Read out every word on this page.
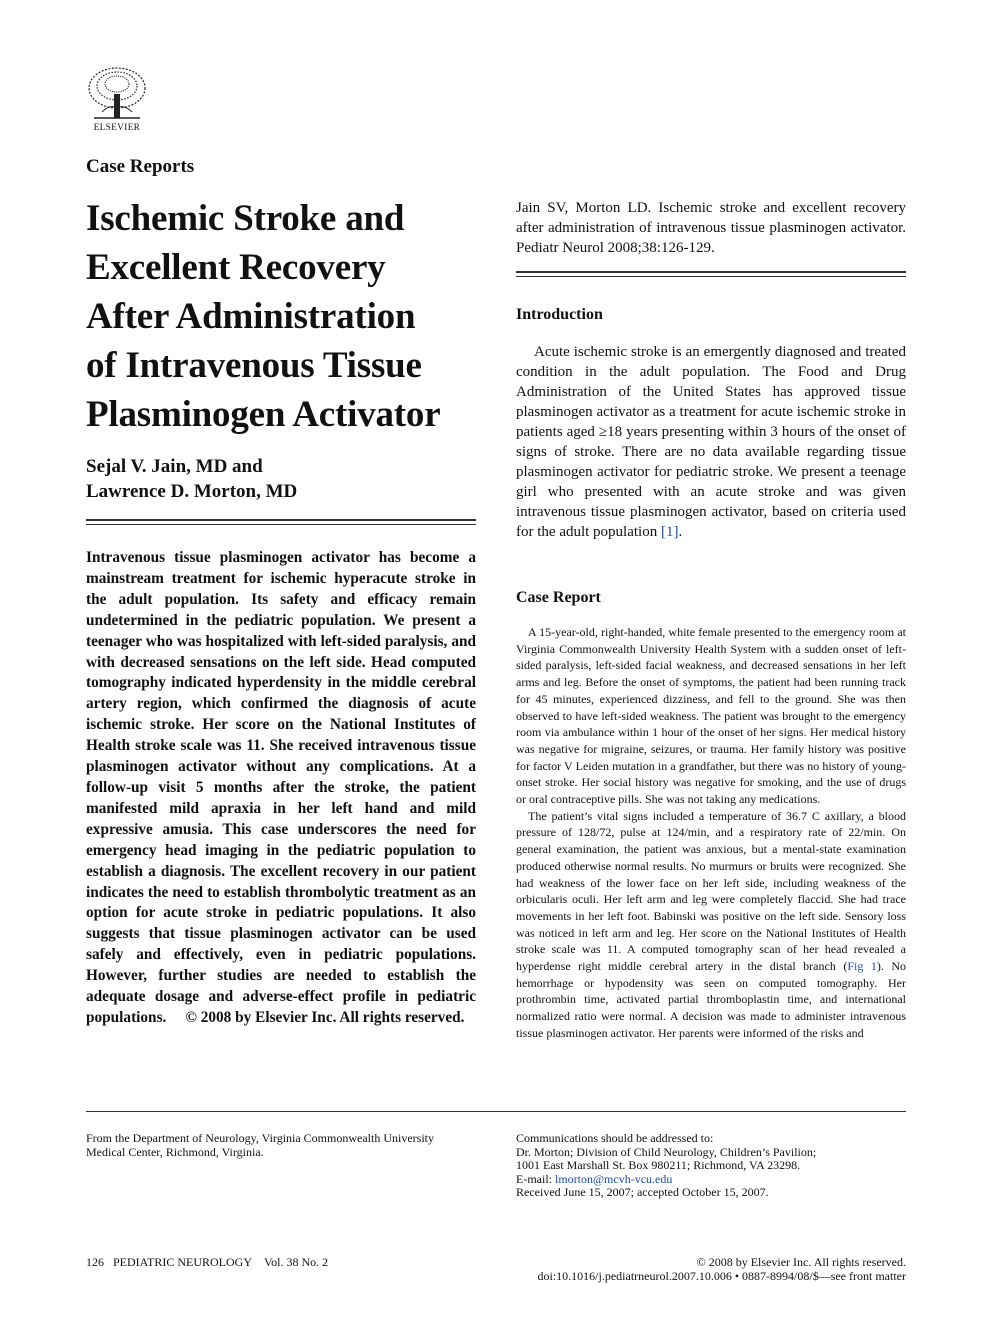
ELSEVIER
Case Reports
Ischemic Stroke and
Excellent Recovery
After Administration
of Intravenous Tissue
Plasminogen Activator
Sejal V. Jain, MD and
Lawrence D. Morton, MD
Intravenous tissue plasminogen activator has become a mainstream treatment for ischemic hyperacute stroke in the adult population. Its safety and efficacy remain undetermined in the pediatric population. We present a teenager who was hospitalized with left-sided paralysis, and with decreased sensations on the left side. Head computed tomography indicated hyperdensity in the middle cerebral artery region, which confirmed the diagnosis of acute ischemic stroke. Her score on the National Institutes of Health stroke scale was 11. She received intravenous tissue plasminogen activator without any complications. At a follow-up visit 5 months after the stroke, the patient manifested mild apraxia in her left hand and mild expressive amusia. This case underscores the need for emergency head imaging in the pediatric population to establish a diagnosis. The excellent recovery in our patient indicates the need to establish thrombolytic treatment as an option for acute stroke in pediatric populations. It also suggests that tissue plasminogen activator can be used safely and effectively, even in pediatric populations. However, further studies are needed to establish the adequate dosage and adverse-effect profile in pediatric populations. © 2008 by Elsevier Inc. All rights reserved.
Jain SV, Morton LD. Ischemic stroke and excellent recovery after administration of intravenous tissue plasminogen activator. Pediatr Neurol 2008;38:126-129.
Introduction

Acute ischemic stroke is an emergently diagnosed and treated condition in the adult population. The Food and Drug Administration of the United States has approved tissue plasminogen activator as a treatment for acute ischemic stroke in patients aged ≥18 years presenting within 3 hours of the onset of signs of stroke. There are no data available regarding tissue plasminogen activator for pediatric stroke. We present a teenage girl who presented with an acute stroke and was given intravenous tissue plasminogen activator, based on criteria used for the adult population [1].

Case Report

A 15-year-old, right-handed, white female presented to the emergency room at Virginia Commonwealth University Health System with a sudden onset of left-sided paralysis, left-sided facial weakness, and decreased sensations in her left arms and leg. Before the onset of symptoms, the patient had been running track for 45 minutes, experienced dizziness, and fell to the ground. She was then observed to have left-sided weakness. The patient was brought to the emergency room via ambulance within 1 hour of the onset of her signs. Her medical history was negative for migraine, seizures, or trauma. Her family history was positive for factor V Leiden mutation in a grandfather, but there was no history of young-onset stroke. Her social history was negative for smoking, and the use of drugs or oral contraceptive pills. She was not taking any medications.

The patient’s vital signs included a temperature of 36.7 C axillary, a blood pressure of 128/72, pulse at 124/min, and a respiratory rate of 22/min. On general examination, the patient was anxious, but a mental-state examination produced otherwise normal results. No murmurs or bruits were recognized. She had weakness of the lower face on her left side, including weakness of the orbicularis oculi. Her left arm and leg were completely flaccid. She had trace movements in her left foot. Babinski was positive on the left side. Sensory loss was noticed in left arm and leg. Her score on the National Institutes of Health stroke scale was 11. A computed tomography scan of her head revealed a hyperdense right middle cerebral artery in the distal branch (Fig 1). No hemorrhage or hypodensity was seen on computed tomography. Her prothrombin time, activated partial thromboplastin time, and international normalized ratio were normal. A decision was made to administer intravenous tissue plasminogen activator. Her parents were informed of the risks and

From the Department of Neurology, Virginia Commonwealth University Medical Center, Richmond, Virginia.
Communications should be addressed to:
Dr. Morton; Division of Child Neurology, Children’s Pavilion;
1001 East Marshall St. Box 980211; Richmond, VA 23298.
E-mail: lmorton@mcvh-vcu.edu
Received June 15, 2007; accepted October 15, 2007.
126 PEDIATRIC NEUROLOGY Vol. 38 No. 2	© 2008 by Elsevier Inc. All rights reserved.
doi:10.1016/j.pediatrneurol.2007.10.006 • 0887-8994/08/$—see front matter
